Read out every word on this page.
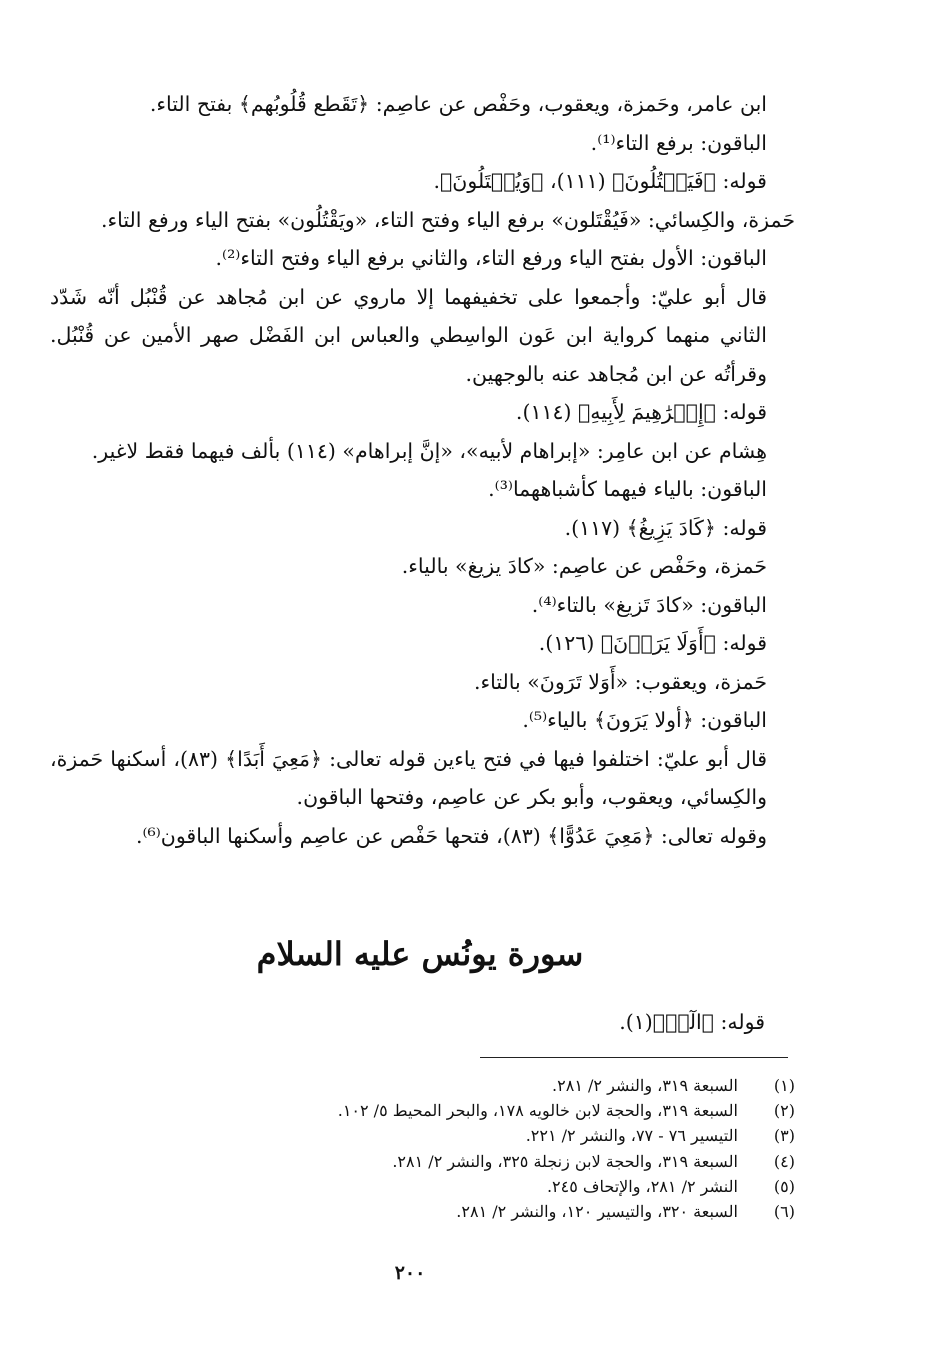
ابن عامر، وحَمزة، ويعقوب، وحَفْص عن عاصِم: ﴿تَقَطع قُلُوبُهم﴾ بفتح التاء.

الباقون: برفع التاء⁽¹⁾.

قوله: ﴿فَيَقۡتُلُونَ﴾ (١١١)، ﴿وَيُقۡتَلُونَ﴾.

حَمزة، والكِسائي: «فَيُقْتَلون» برفع الياء وفتح التاء، «ويَقْتُلُون» بفتح الياء ورفع التاء.

الباقون: الأول بفتح الياء ورفع التاء، والثاني برفع الياء وفتح التاء⁽²⁾.

قال أبو عليّ: وأجمعوا على تخفيفهما إلا ماروي عن ابن مُجاهد عن قُنْبُل أنّه شَدّد الثاني منهما كرواية ابن عَون الواسِطي والعباس ابن الفَضْل صهر الأمين عن قُنْبُل. وقرأتُه عن ابن مُجاهد عنه بالوجهين.

قوله: ﴿إِبۡرَٰهِيمَ لِأَبِيهِ﴾ (١١٤).

هِشام عن ابن عامِر: «إبراهام لأبيه»، «إنَّ إبراهام» (١١٤) بألف فيهما فقط لاغير.

الباقون: بالياء فيهما كأشباههما⁽³⁾.

قوله: ﴿كَادَ يَزِيغُ﴾ (١١٧).

حَمزة، وحَفْص عن عاصِم: «كادَ يزيغ» بالياء.

الباقون: «كادَ تَزيغ» بالتاء⁽⁴⁾.

قوله: ﴿أَوَلَا يَرَوۡنَ﴾ (١٢٦).

حَمزة، ويعقوب: «أَوَلا تَرَونَ» بالتاء.

الباقون: ﴿أولا يَرَونَ﴾ بالياء⁽⁵⁾.

قال أبو عليّ: اختلفوا فيها في فتح ياءين قوله تعالى: ﴿مَعِيَ أَبَدًا﴾ (٨٣)، أسكنها حَمزة، والكِسائي، ويعقوب، وأبو بكر عن عاصِم، وفتحها الباقون.

وقوله تعالى: ﴿مَعِيَ عَدُوًّا﴾ (٨٣)، فتحها حَفْص عن عاصِم وأسكنها الباقون⁽⁶⁾.

سورة يونُس عليه السلام
قوله: ﴿الٓرۚ﴾(١).

(١) السبعة ٣١٩، والنشر ٢/ ٢٨١.

(٢) السبعة ٣١٩، والحجة لابن خالويه ١٧٨، والبحر المحيط ٥/ ١٠٢.

(٣) التيسير ٧٦ - ٧٧، والنشر ٢/ ٢٢١.

(٤) السبعة ٣١٩، والحجة لابن زنجلة ٣٢٥، والنشر ٢/ ٢٨١.

(٥) النشر ٢/ ٢٨١، والإتحاف ٢٤٥.

(٦) السبعة ٣٢٠، والتيسير ١٢٠، والنشر ٢/ ٢٨١.

٢٠٠
